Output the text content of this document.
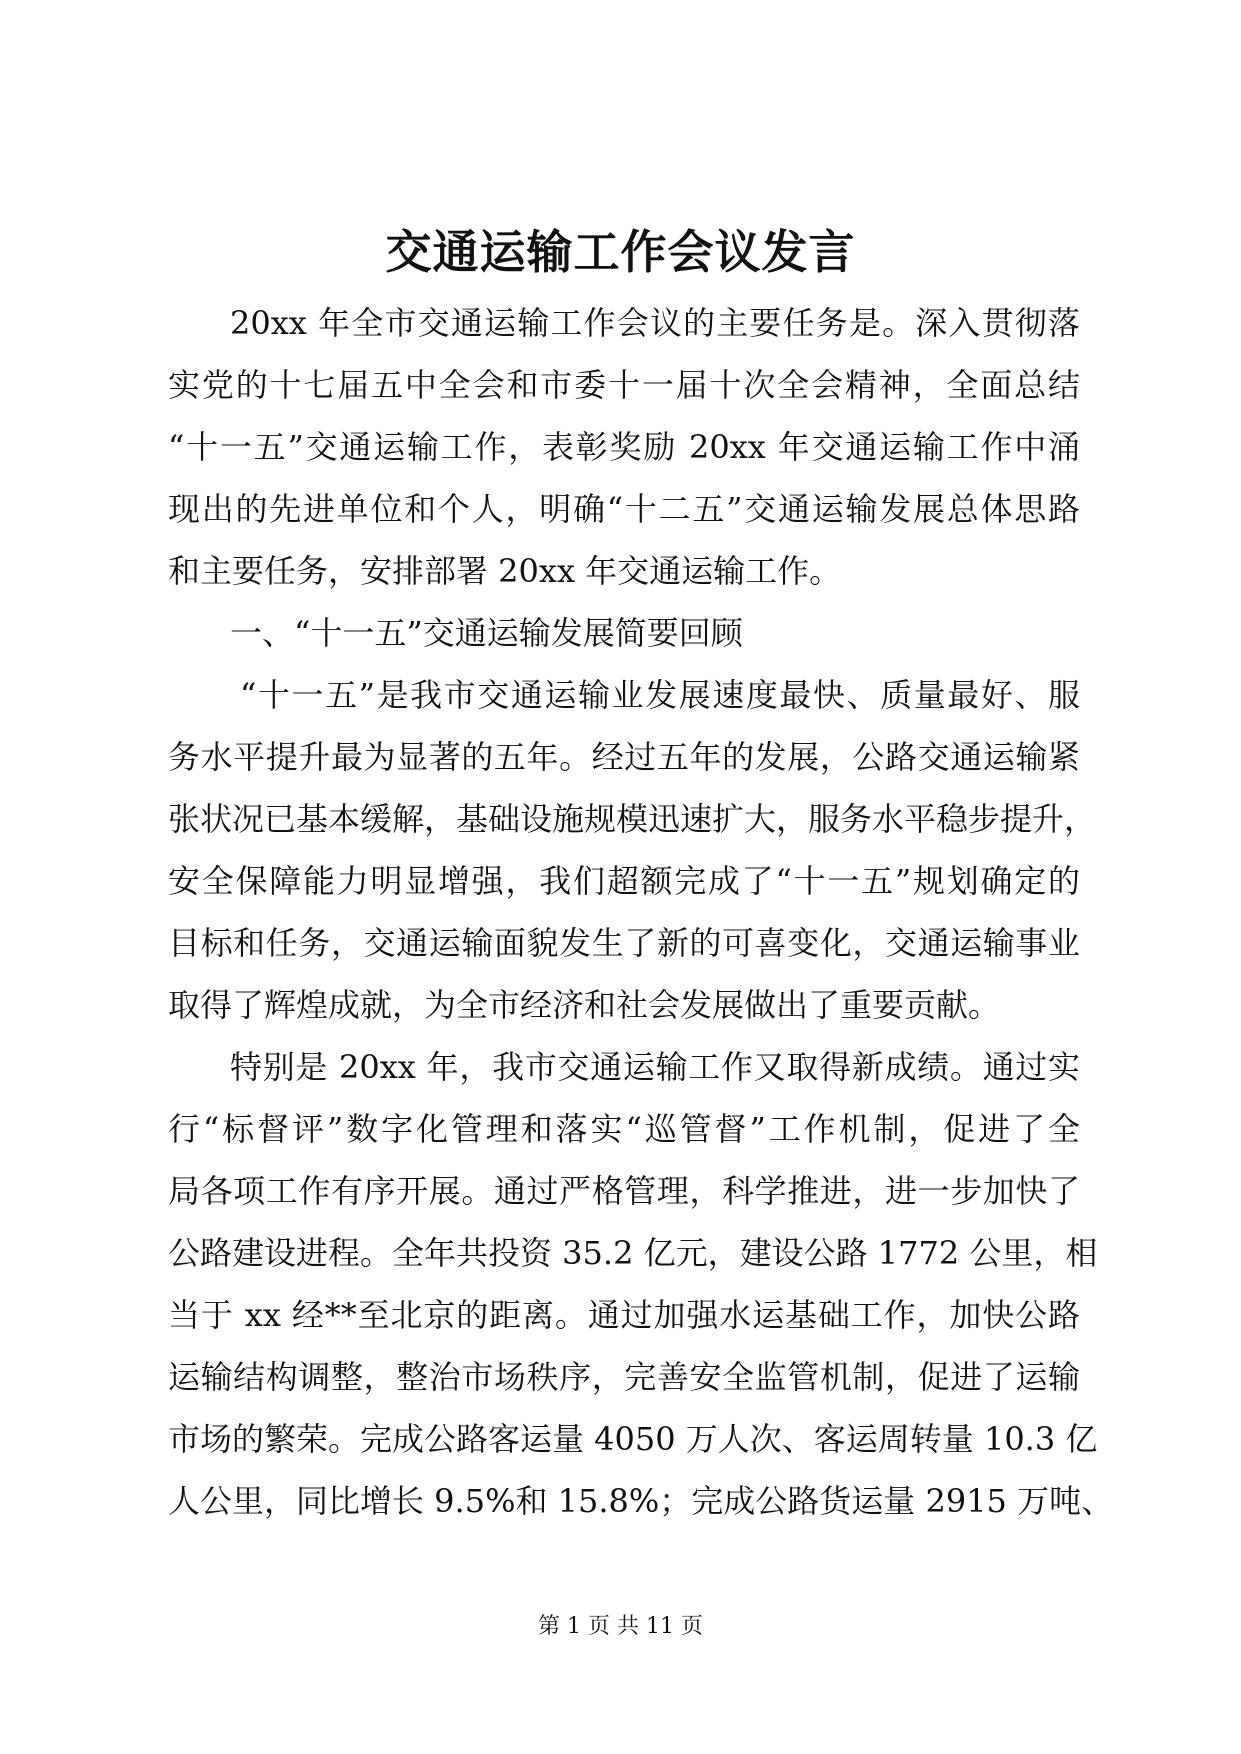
交通运输工作会议发言
20xx 年全市交通运输工作会议的主要任务是。深入贯彻落
实党的十七届五中全会和市委十一届十次全会精神，全面总结
“十一五”交通运输工作，表彰奖励 20xx 年交通运输工作中涌
现出的先进单位和个人，明确“十二五”交通运输发展总体思路
和主要任务，安排部署 20xx 年交通运输工作。
一、“十一五”交通运输发展简要回顾
“十一五”是我市交通运输业发展速度最快、质量最好、服
务水平提升最为显著的五年。经过五年的发展，公路交通运输紧
张状况已基本缓解，基础设施规模迅速扩大，服务水平稳步提升，
安全保障能力明显增强，我们超额完成了“十一五”规划确定的
目标和任务，交通运输面貌发生了新的可喜变化，交通运输事业
取得了辉煌成就，为全市经济和社会发展做出了重要贡献。
特别是 20xx 年，我市交通运输工作又取得新成绩。通过实
行“标督评”数字化管理和落实“巡管督”工作机制，促进了全
局各项工作有序开展。通过严格管理，科学推进，进一步加快了
公路建设进程。全年共投资 35.2 亿元，建设公路 1772 公里，相
当于 xx 经**至北京的距离。通过加强水运基础工作，加快公路
运输结构调整，整治市场秩序，完善安全监管机制，促进了运输
市场的繁荣。完成公路客运量 4050 万人次、客运周转量 10.3 亿
人公里，同比增长 9.5%和 15.8%；完成公路货运量 2915 万吨、
第 1 页 共 11 页
